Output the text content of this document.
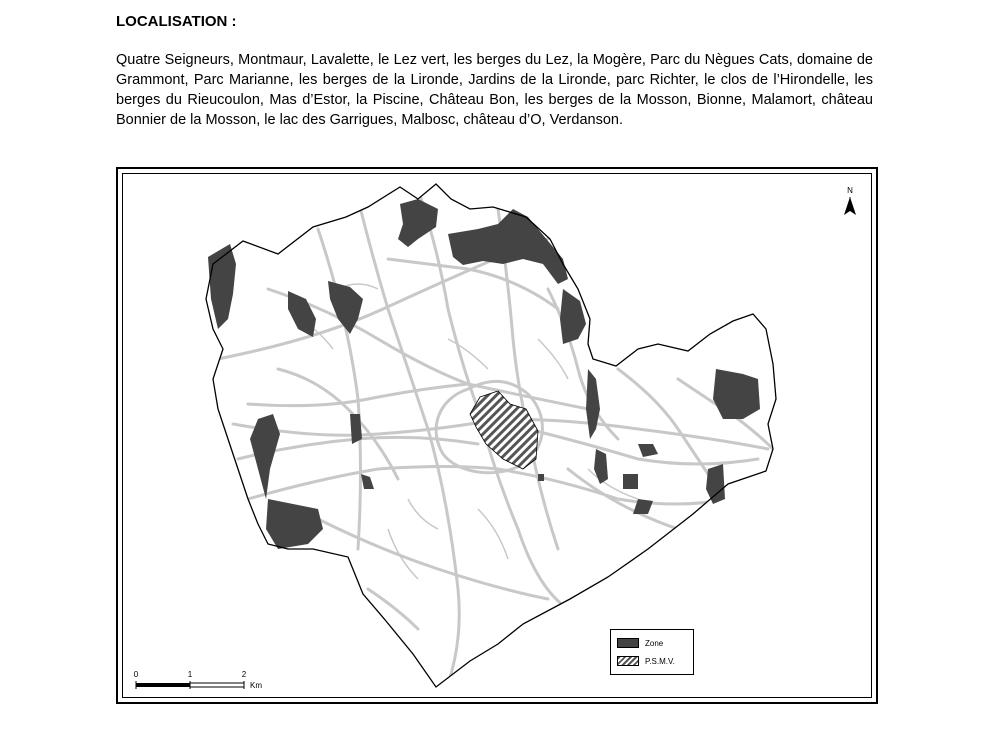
LOCALISATION :
Quatre Seigneurs, Montmaur, Lavalette, le Lez vert, les berges du Lez, la Mogère, Parc du Nègues Cats, domaine de Grammont, Parc Marianne, les berges de la Lironde, Jardins de la Lironde, parc Richter, le clos de l’Hirondelle, les berges du Rieucoulon, Mas d’Estor, la Piscine, Château Bon, les berges de la Mosson, Bionne, Malamort, château Bonnier de la Mosson, le lac des Garrigues, Malbosc, château d’O, Verdanson.
N
0	1	2
Km
Zone
P.S.M.V.
